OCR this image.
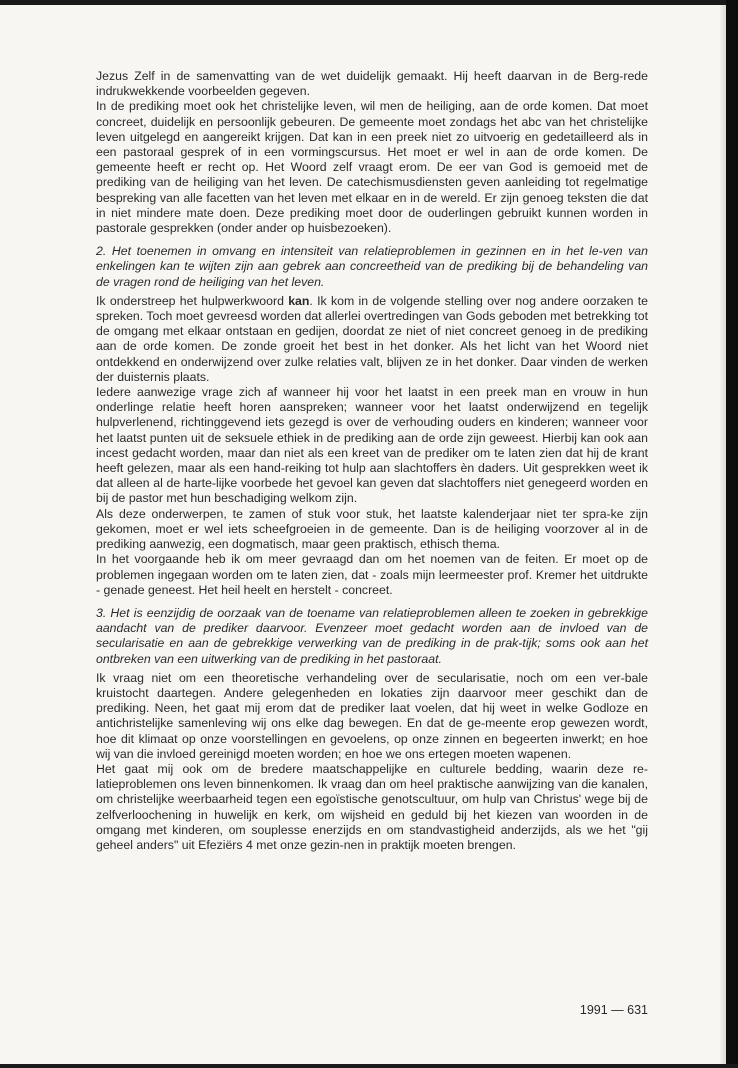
Jezus Zelf in de samenvatting van de wet duidelijk gemaakt. Hij heeft daarvan in de Berg-rede indrukwekkende voorbeelden gegeven.

In de prediking moet ook het christelijke leven, wil men de heiliging, aan de orde komen. Dat moet concreet, duidelijk en persoonlijk gebeuren. De gemeente moet zondags het abc van het christelijke leven uitgelegd en aangereikt krijgen. Dat kan in een preek niet zo uitvoerig en gedetailleerd als in een pastoraal gesprek of in een vormingscursus. Het moet er wel in aan de orde komen. De gemeente heeft er recht op. Het Woord zelf vraagt erom. De eer van God is gemoeid met de prediking van de heiliging van het leven. De catechismusdiensten geven aanleiding tot regelmatige bespreking van alle facetten van het leven met elkaar en in de wereld. Er zijn genoeg teksten die dat in niet mindere mate doen. Deze prediking moet door de ouderlingen gebruikt kunnen worden in pastorale gesprekken (onder ander op huisbezoeken).

2. Het toenemen in omvang en intensiteit van relatieproblemen in gezinnen en in het le-ven van enkelingen kan te wijten zijn aan gebrek aan concreetheid van de prediking bij de behandeling van de vragen rond de heiliging van het leven.

Ik onderstreep het hulpwerkwoord kan. Ik kom in de volgende stelling over nog andere oorzaken te spreken. Toch moet gevreesd worden dat allerlei overtredingen van Gods geboden met betrekking tot de omgang met elkaar ontstaan en gedijen, doordat ze niet of niet concreet genoeg in de prediking aan de orde komen. De zonde groeit het best in het donker. Als het licht van het Woord niet ontdekkend en onderwijzend over zulke relaties valt, blijven ze in het donker. Daar vinden de werken der duisternis plaats.

Iedere aanwezige vrage zich af wanneer hij voor het laatst in een preek man en vrouw in hun onderlinge relatie heeft horen aanspreken; wanneer voor het laatst onderwijzend en tegelijk hulpverlenend, richtinggevend iets gezegd is over de verhouding ouders en kinderen; wanneer voor het laatst punten uit de seksuele ethiek in de prediking aan de orde zijn geweest. Hierbij kan ook aan incest gedacht worden, maar dan niet als een kreet van de prediker om te laten zien dat hij de krant heeft gelezen, maar als een hand-reiking tot hulp aan slachtoffers èn daders. Uit gesprekken weet ik dat alleen al de harte-lijke voorbede het gevoel kan geven dat slachtoffers niet genegeerd worden en bij de pastor met hun beschadiging welkom zijn.

Als deze onderwerpen, te zamen of stuk voor stuk, het laatste kalenderjaar niet ter spra-ke zijn gekomen, moet er wel iets scheefgroeien in de gemeente. Dan is de heiliging voorzover al in de prediking aanwezig, een dogmatisch, maar geen praktisch, ethisch thema.

In het voorgaande heb ik om meer gevraagd dan om het noemen van de feiten. Er moet op de problemen ingegaan worden om te laten zien, dat - zoals mijn leermeester prof. Kremer het uitdrukte - genade geneest. Het heil heelt en herstelt - concreet.

3. Het is eenzijdig de oorzaak van de toename van relatieproblemen alleen te zoeken in gebrekkige aandacht van de prediker daarvoor. Evenzeer moet gedacht worden aan de invloed van de secularisatie en aan de gebrekkige verwerking van de prediking in de prak-tijk; soms ook aan het ontbreken van een uitwerking van de prediking in het pastoraat.

Ik vraag niet om een theoretische verhandeling over de secularisatie, noch om een ver-bale kruistocht daartegen. Andere gelegenheden en lokaties zijn daarvoor meer geschikt dan de prediking. Neen, het gaat mij erom dat de prediker laat voelen, dat hij weet in welke Godloze en antichristelijke samenleving wij ons elke dag bewegen. En dat de ge-meente erop gewezen wordt, hoe dit klimaat op onze voorstellingen en gevoelens, op onze zinnen en begeerten inwerkt; en hoe wij van die invloed gereinigd moeten worden; en hoe we ons ertegen moeten wapenen.

Het gaat mij ook om de bredere maatschappelijke en culturele bedding, waarin deze re-latieproblemen ons leven binnenkomen. Ik vraag dan om heel praktische aanwijzing van die kanalen, om christelijke weerbaarheid tegen een egoïstische genotscultuur, om hulp van Christus' wege bij de zelfverloochening in huwelijk en kerk, om wijsheid en geduld bij het kiezen van woorden in de omgang met kinderen, om souplesse enerzijds en om standvastigheid anderzijds, als we het "gij geheel anders" uit Efeziërs 4 met onze gezin-nen in praktijk moeten brengen.

1991 — 631
